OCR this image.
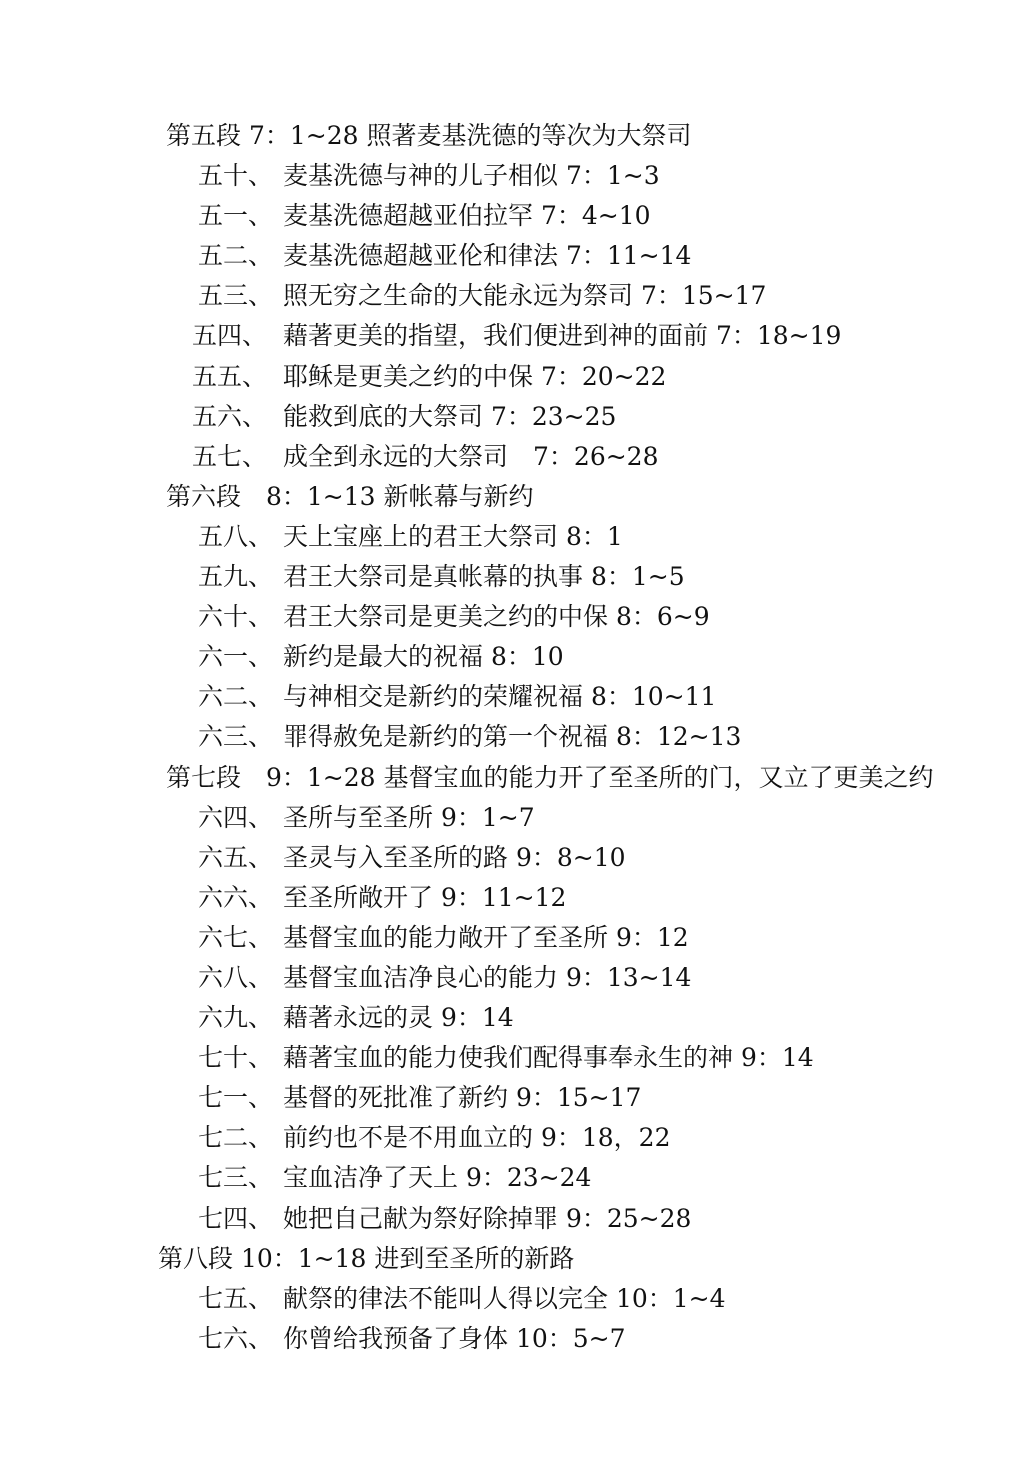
第五段 7：1~28 照著麦基洗德的等次为大祭司
五十、 麦基洗德与神的儿子相似 7：1~3
五一、 麦基洗德超越亚伯拉罕 7：4~10
五二、 麦基洗德超越亚伦和律法 7：11~14
五三、 照无穷之生命的大能永远为祭司 7：15~17
五四、 藉著更美的指望，我们便进到神的面前 7：18~19
五五、 耶稣是更美之约的中保 7：20~22
五六、 能救到底的大祭司 7：23~25
五七、 成全到永远的大祭司　7：26~28
第六段　8：1~13 新帐幕与新约
五八、 天上宝座上的君王大祭司 8：1
五九、 君王大祭司是真帐幕的执事 8：1~5
六十、 君王大祭司是更美之约的中保 8：6~9
六一、 新约是最大的祝福 8：10
六二、 与神相交是新约的荣耀祝福 8：10~11
六三、 罪得赦免是新约的第一个祝福 8：12~13
第七段　9：1~28 基督宝血的能力开了至圣所的门，又立了更美之约
六四、 圣所与至圣所 9：1~7
六五、 圣灵与入至圣所的路 9：8~10
六六、 至圣所敞开了 9：11~12
六七、 基督宝血的能力敞开了至圣所 9：12
六八、 基督宝血洁净良心的能力 9：13~14
六九、 藉著永远的灵 9：14
七十、 藉著宝血的能力使我们配得事奉永生的神 9：14
七一、 基督的死批准了新约 9：15~17
七二、 前约也不是不用血立的 9：18，22
七三、 宝血洁净了天上 9：23~24
七四、 她把自己献为祭好除掉罪 9：25~28
第八段 10：1~18 进到至圣所的新路
七五、 献祭的律法不能叫人得以完全 10：1~4
七六、 你曾给我预备了身体 10：5~7
